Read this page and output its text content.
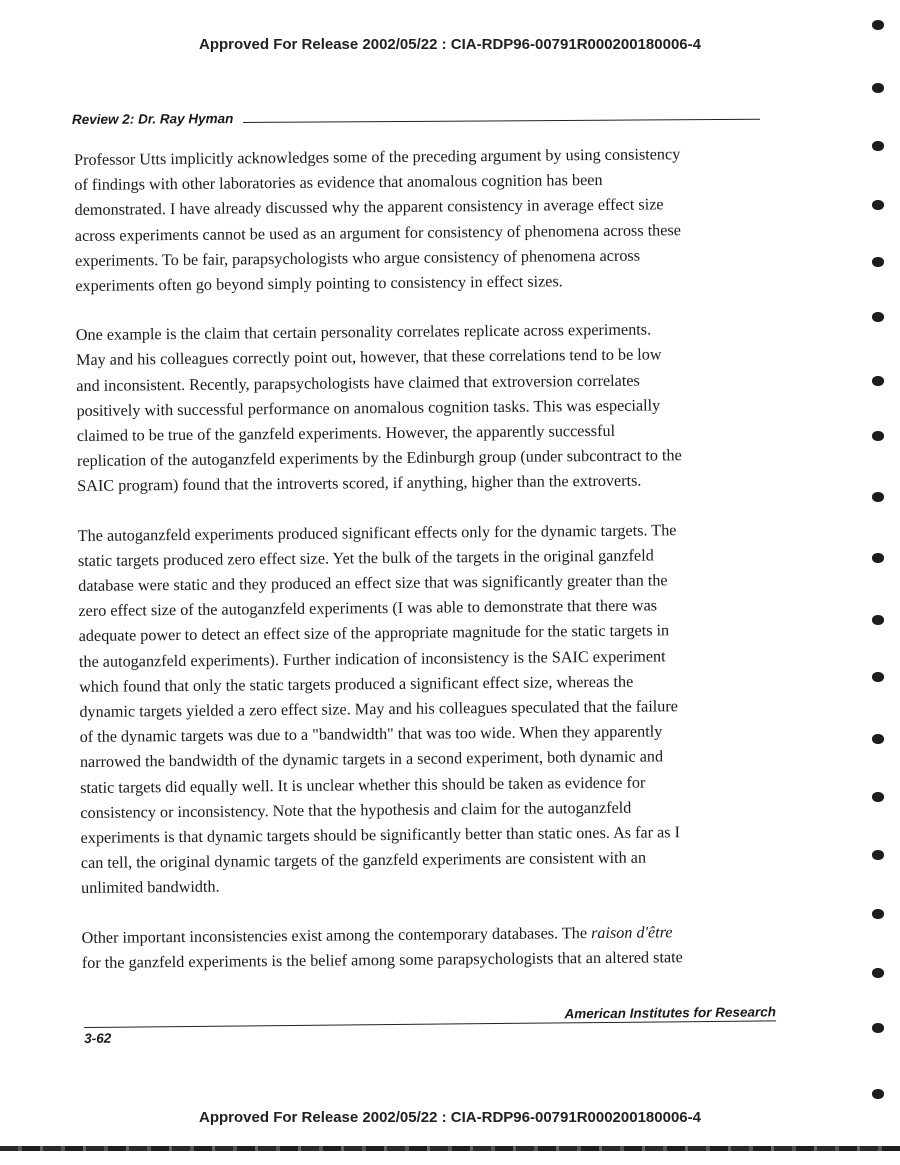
Approved For Release 2002/05/22 : CIA-RDP96-00791R000200180006-4
Review 2: Dr. Ray Hyman

Professor Utts implicitly acknowledges some of the preceding argument by using consistency
of findings with other laboratories as evidence that anomalous cognition has been
demonstrated. I have already discussed why the apparent consistency in average effect size
across experiments cannot be used as an argument for consistency of phenomena across these
experiments. To be fair, parapsychologists who argue consistency of phenomena across
experiments often go beyond simply pointing to consistency in effect sizes.

One example is the claim that certain personality correlates replicate across experiments.
May and his colleagues correctly point out, however, that these correlations tend to be low
and inconsistent. Recently, parapsychologists have claimed that extroversion correlates
positively with successful performance on anomalous cognition tasks. This was especially
claimed to be true of the ganzfeld experiments. However, the apparently successful
replication of the autoganzfeld experiments by the Edinburgh group (under subcontract to the
SAIC program) found that the introverts scored, if anything, higher than the extroverts.

The autoganzfeld experiments produced significant effects only for the dynamic targets. The
static targets produced zero effect size. Yet the bulk of the targets in the original ganzfeld
database were static and they produced an effect size that was significantly greater than the
zero effect size of the autoganzfeld experiments (I was able to demonstrate that there was
adequate power to detect an effect size of the appropriate magnitude for the static targets in
the autoganzfeld experiments). Further indication of inconsistency is the SAIC experiment
which found that only the static targets produced a significant effect size, whereas the
dynamic targets yielded a zero effect size. May and his colleagues speculated that the failure
of the dynamic targets was due to a "bandwidth" that was too wide. When they apparently
narrowed the bandwidth of the dynamic targets in a second experiment, both dynamic and
static targets did equally well. It is unclear whether this should be taken as evidence for
consistency or inconsistency. Note that the hypothesis and claim for the autoganzfeld
experiments is that dynamic targets should be significantly better than static ones. As far as I
can tell, the original dynamic targets of the ganzfeld experiments are consistent with an
unlimited bandwidth.

Other important inconsistencies exist among the contemporary databases. The raison d'être
for the ganzfeld experiments is the belief among some parapsychologists that an altered state

American Institutes for Research
3-62
Approved For Release 2002/05/22 : CIA-RDP96-00791R000200180006-4
